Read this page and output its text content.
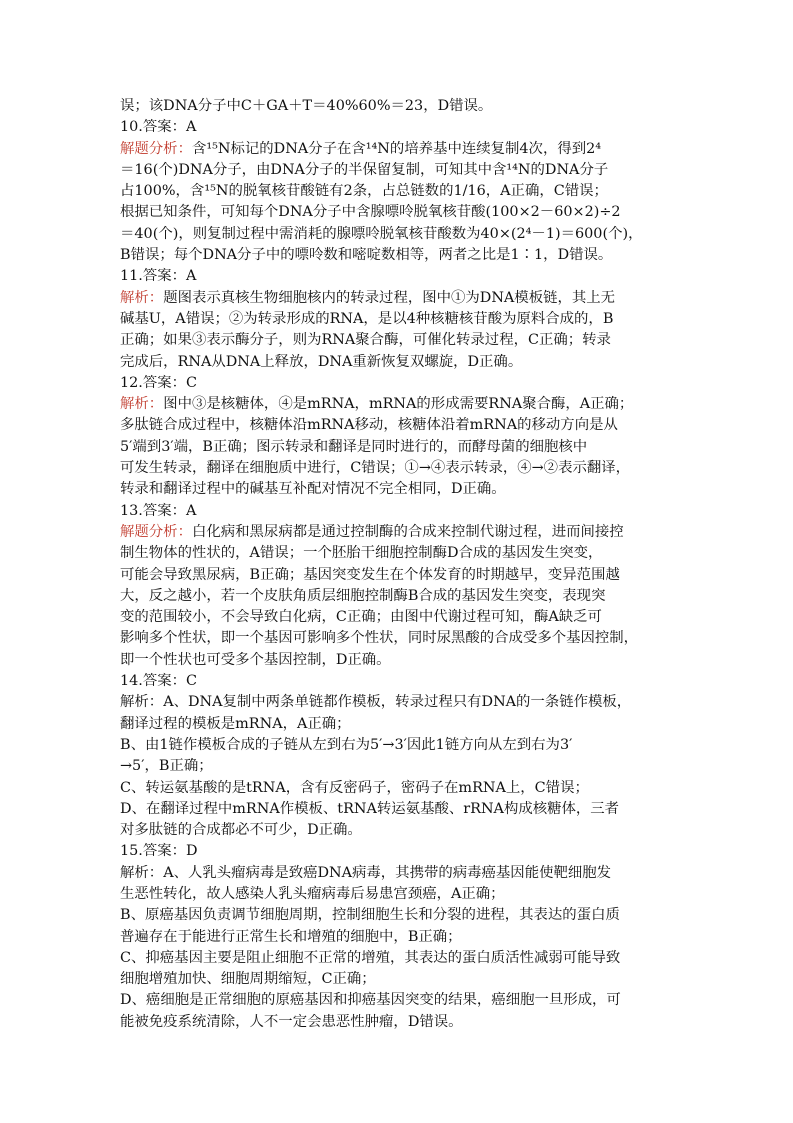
误；该DNA分子中C＋GA＋T＝40%60%＝23，D错误。
10.答案：A
解题分析：含¹⁵N标记的DNA分子在含¹⁴N的培养基中连续复制4次，得到2⁴
＝16(个)DNA分子，由DNA分子的半保留复制，可知其中含¹⁴N的DNA分子
占100%，含¹⁵N的脱氧核苷酸链有2条，占总链数的1/16，A正确，C错误；
根据已知条件，可知每个DNA分子中含腺嘌呤脱氧核苷酸(100×2－60×2)÷2
＝40(个)，则复制过程中需消耗的腺嘌呤脱氧核苷酸数为40×(2⁴－1)＝600(个)，
B错误；每个DNA分子中的嘌呤数和嘧啶数相等，两者之比是1∶1，D错误。
11.答案：A
解析：题图表示真核生物细胞核内的转录过程，图中①为DNA模板链，其上无
碱基U，A错误；②为转录形成的RNA，是以4种核糖核苷酸为原料合成的，B
正确；如果③表示酶分子，则为RNA聚合酶，可催化转录过程，C正确；转录
完成后，RNA从DNA上释放，DNA重新恢复双螺旋，D正确。
12.答案：C
解析：图中③是核糖体，④是mRNA，mRNA的形成需要RNA聚合酶，A正确；
多肽链合成过程中，核糖体沿mRNA移动，核糖体沿着mRNA的移动方向是从
5′端到3′端，B正确；图示转录和翻译是同时进行的，而酵母菌的细胞核中
可发生转录，翻译在细胞质中进行，C错误；①→④表示转录，④→②表示翻译，
转录和翻译过程中的碱基互补配对情况不完全相同，D正确。
13.答案：A
解题分析：白化病和黑尿病都是通过控制酶的合成来控制代谢过程，进而间接控
制生物体的性状的，A错误；一个胚胎干细胞控制酶D合成的基因发生突变，
可能会导致黑尿病，B正确；基因突变发生在个体发育的时期越早，变异范围越
大，反之越小，若一个皮肤角质层细胞控制酶B合成的基因发生突变，表现突
变的范围较小，不会导致白化病，C正确；由图中代谢过程可知，酶A缺乏可
影响多个性状，即一个基因可影响多个性状，同时尿黑酸的合成受多个基因控制，
即一个性状也可受多个基因控制，D正确。
14.答案：C
解析：A、DNA复制中两条单链都作模板，转录过程只有DNA的一条链作模板，
翻译过程的模板是mRNA，A正确；
B、由1链作模板合成的子链从左到右为5′→3′因此1链方向从左到右为3′
→5′，B正确；
C、转运氨基酸的是tRNA，含有反密码子，密码子在mRNA上，C错误；
D、在翻译过程中mRNA作模板、tRNA转运氨基酸、rRNA构成核糖体，三者
对多肽链的合成都必不可少，D正确。
15.答案：D
解析：A、人乳头瘤病毒是致癌DNA病毒，其携带的病毒癌基因能使靶细胞发
生恶性转化，故人感染人乳头瘤病毒后易患宫颈癌，A正确；
B、原癌基因负责调节细胞周期，控制细胞生长和分裂的进程，其表达的蛋白质
普遍存在于能进行正常生长和增殖的细胞中，B正确；
C、抑癌基因主要是阻止细胞不正常的增殖，其表达的蛋白质活性减弱可能导致
细胞增殖加快、细胞周期缩短，C正确；
D、癌细胞是正常细胞的原癌基因和抑癌基因突变的结果，癌细胞一旦形成，可
能被免疫系统清除，人不一定会患恶性肿瘤，D错误。
